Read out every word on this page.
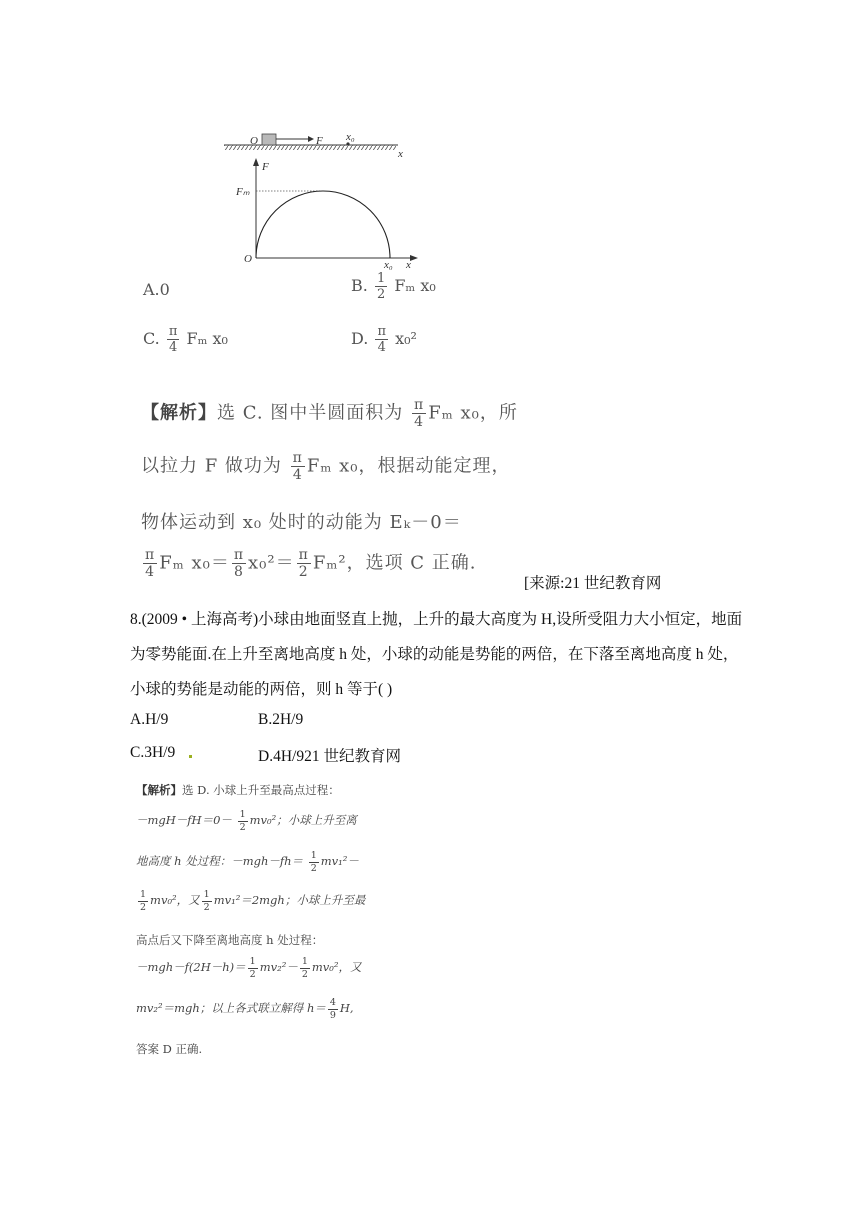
O	F x₀
x
F
Fₘ
O	x₀ x
A.0	B. $\frac{1}{2}$ Fₘ x₀
C. $\frac{\pi}{4}$ Fₘ x₀	D. $\frac{\pi}{4} x_0^2$
【解析】选 C. 图中半圆面积为 $\frac{\pi}{4}$ Fₘ x₀，所
以拉力 F 做功为 $\frac{\pi}{4}$ Fₘ x₀，根据动能定理，
物体运动到 x₀ 处时的动能为 Eₖ－0＝
$\frac{\pi}{4}$ Fₘ $x_0= \frac{\pi}{8} x_0^2= \frac{\pi}{2} F_m^2$，选项 C 正确.
[来源:21 世纪教育网
8.(2009 • 上海高考)小球由地面竖直上抛，上升的最大高度为 H,设所受阻力大小恒定，地面
为零势能面.在上升至离地高度 h 处，小球的动能是势能的两倍，在下落至离地高度 h 处，
小球的势能是动能的两倍，则 h 等于( )
A.H/9	B.2H/9
C.3H/9	D.4H/921 世纪教育网
【解析】选 D. 小球上升至最高点过程：
$-mgH-fH=0- \frac{1}{2} mv_0^2$；小球上升至离
地高度 h 处过程：$-mgh-fh= \frac{1}{2} mv_1^2-$
$\frac{1}{2} mv_0^2$，又 $\frac{1}{2} mv_1^2=2mgh$；小球上升至最
高点后又下降至离地高度 h 处过程：
$-mgh-f(2H-h)= \frac{1}{2} mv_2^2- \frac{1}{2} mv_0^2$，又
mv₂²＝mgh；以上各式联立解得 $h= \frac{4}{9} H$,
答案 D 正确.
